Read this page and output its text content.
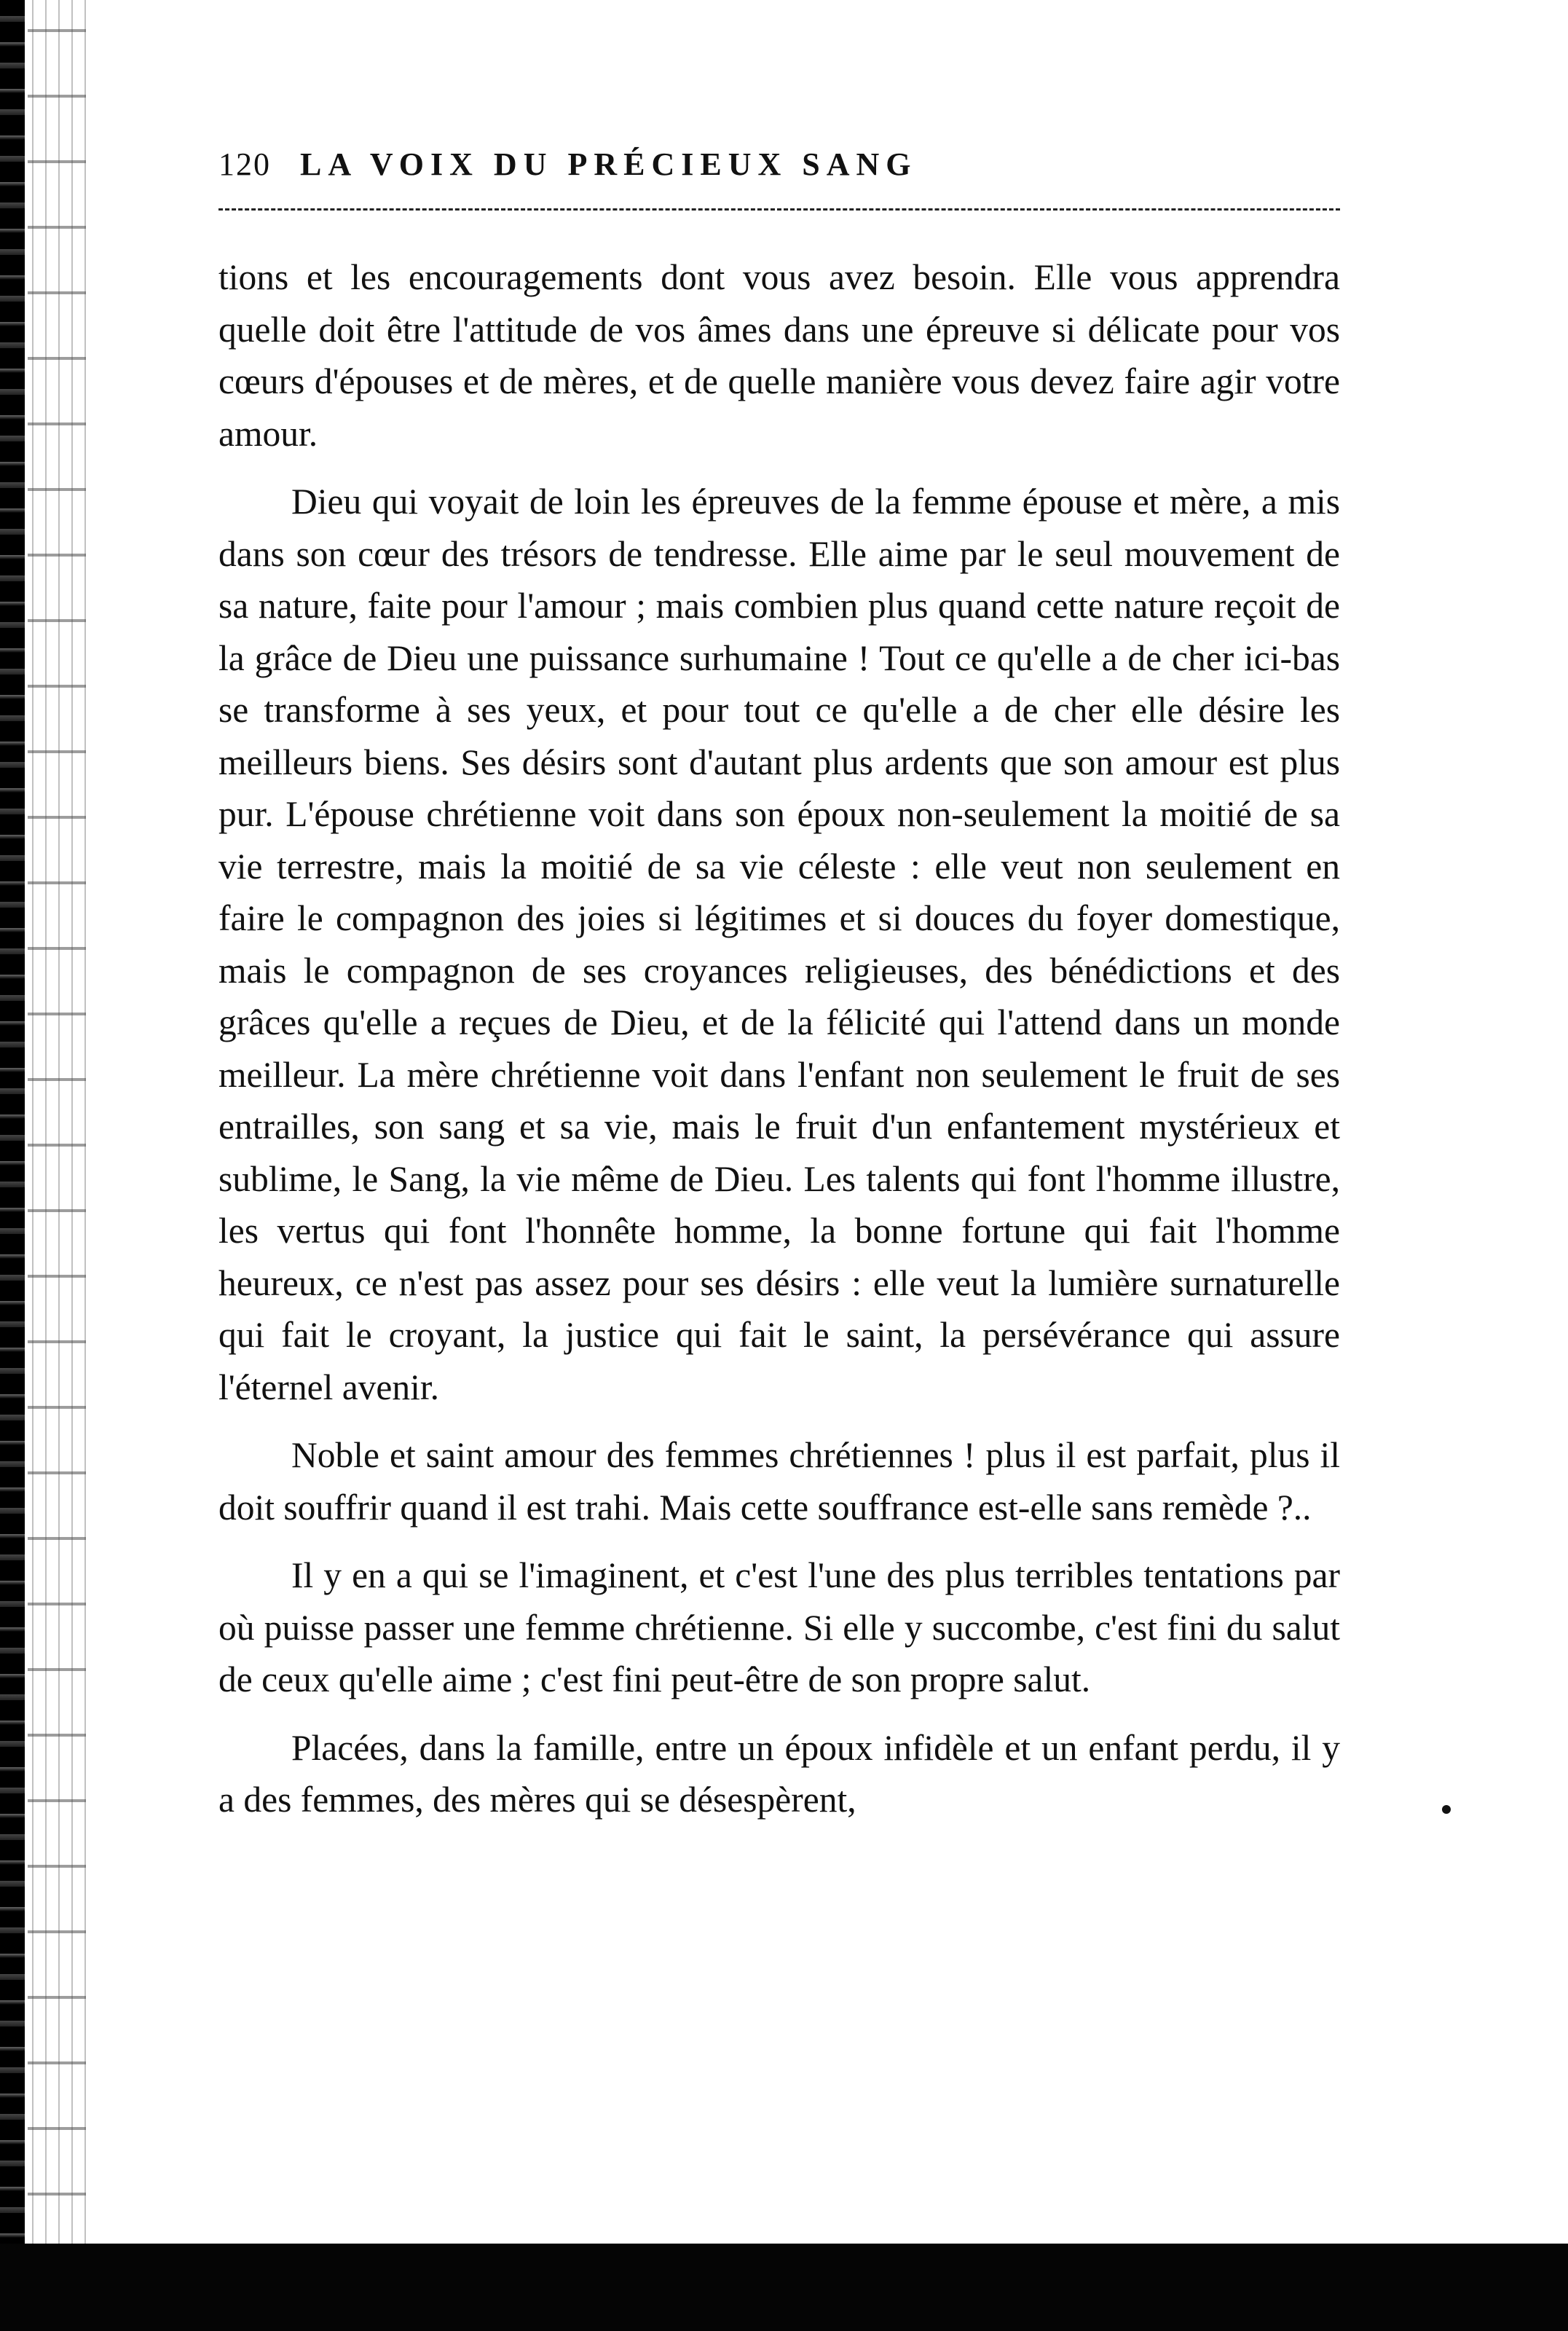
120 LA VOIX DU PRÉCIEUX SANG

tions et les encouragements dont vous avez besoin. Elle vous apprendra quelle doit être l'attitude de vos âmes dans une épreuve si délicate pour vos cœurs d'épouses et de mères, et de quelle manière vous devez faire agir votre amour.

Dieu qui voyait de loin les épreuves de la femme épouse et mère, a mis dans son cœur des trésors de tendresse. Elle aime par le seul mouvement de sa nature, faite pour l'amour ; mais combien plus quand cette nature reçoit de la grâce de Dieu une puissance surhumaine ! Tout ce qu'elle a de cher ici-bas se transforme à ses yeux, et pour tout ce qu'elle a de cher elle désire les meilleurs biens. Ses désirs sont d'autant plus ardents que son amour est plus pur. L'épouse chrétienne voit dans son époux non-seulement la moitié de sa vie terrestre, mais la moitié de sa vie céleste : elle veut non seulement en faire le compagnon des joies si légitimes et si douces du foyer domestique, mais le compagnon de ses croyances religieuses, des bénédictions et des grâces qu'elle a reçues de Dieu, et de la félicité qui l'attend dans un monde meilleur. La mère chrétienne voit dans l'enfant non seulement le fruit de ses entrailles, son sang et sa vie, mais le fruit d'un enfantement mystérieux et sublime, le Sang, la vie même de Dieu. Les talents qui font l'homme illustre, les vertus qui font l'honnête homme, la bonne fortune qui fait l'homme heureux, ce n'est pas assez pour ses désirs : elle veut la lumière surnaturelle qui fait le croyant, la justice qui fait le saint, la persévérance qui assure l'éternel avenir.

Noble et saint amour des femmes chrétiennes ! plus il est parfait, plus il doit souffrir quand il est trahi. Mais cette souffrance est-elle sans remède ?..

Il y en a qui se l'imaginent, et c'est l'une des plus terribles tentations par où puisse passer une femme chrétienne. Si elle y succombe, c'est fini du salut de ceux qu'elle aime ; c'est fini peut-être de son propre salut.

Placées, dans la famille, entre un époux infidèle et un enfant perdu, il y a des femmes, des mères qui se désespèrent,
